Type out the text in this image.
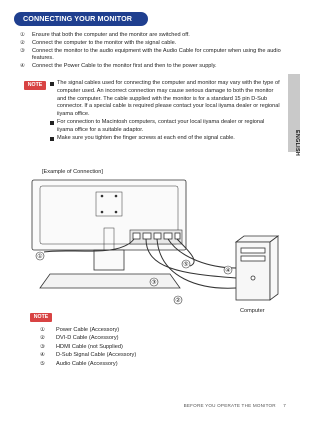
CONNECTING YOUR MONITOR
ENGLISH
①	Ensure that both the computer and the monitor are switched off.
②	Connect the computer to the monitor with the signal cable.
③	Connect the monitor to the audio equipment with the Audio Cable for computer when using the audio features.
④	Connect the Power Cable to the monitor first and then to the power supply.
NOTE	The signal cables used for connecting the computer and monitor may vary with the type of computer used. An incorrect connection may cause serious damage to both the monitor and the computer. The cable supplied with the monitor is for a standard 15 pin D-Sub connector. If a special cable is required please contact your local iiyama dealer or regional iiyama office.
For connection to Macintosh computers, contact your local iiyama dealer or regional iiyama office for a suitable adaptor.
Make sure you tighten the finger screws at each end of the signal cable.
[Example of Connection]
①
②
③
④
⑤
Computer
NOTE
①	Power Cable (Accessory)
②	DVI-D Cable (Accessory)
③	HDMI Cable (not Supplied)
④	D-Sub Signal Cable (Accessory)
⑤	Audio Cable (Accessory)
BEFORE YOU OPERATE THE MONITOR 7
